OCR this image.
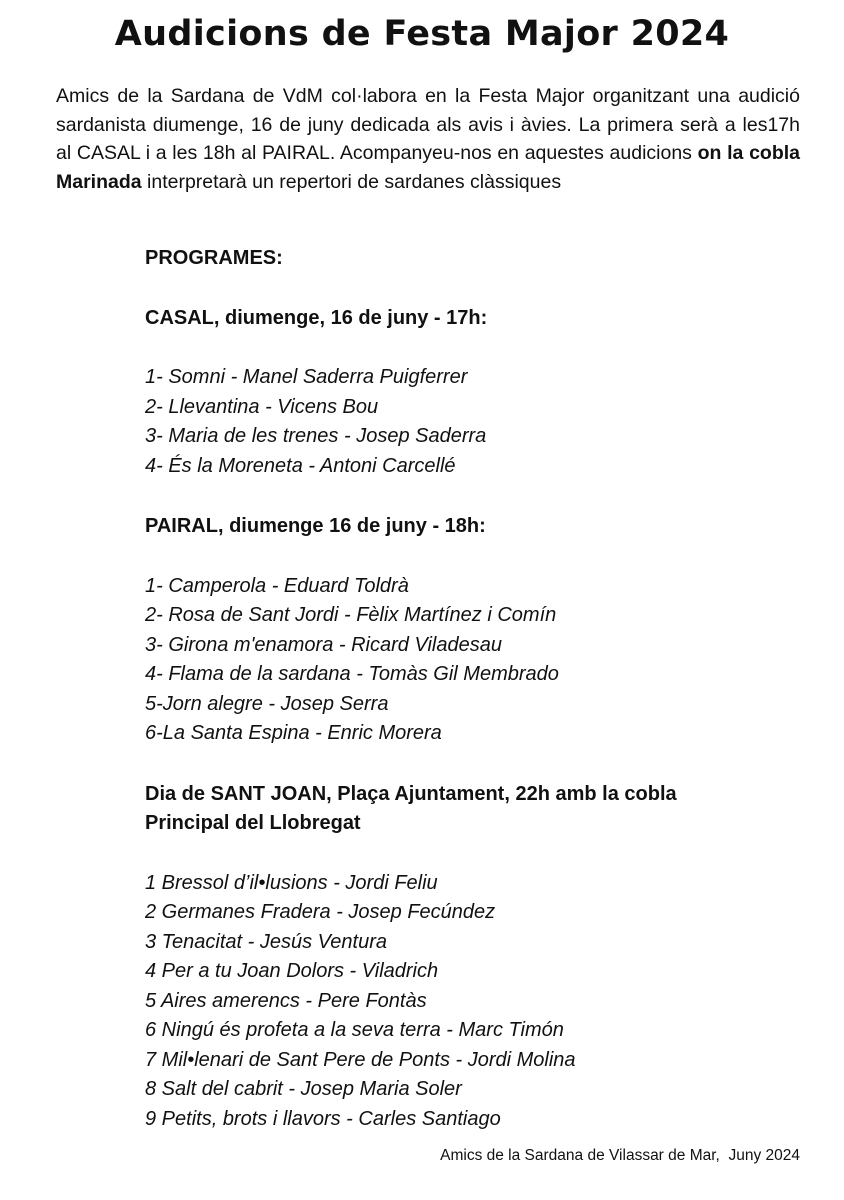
Audicions de Festa Major 2024

Amics de la Sardana de VdM col·labora en la Festa Major organitzant una audició sardanista diumenge, 16 de juny dedicada als avis i àvies. La primera serà a les17h al CASAL i a les 18h al PAIRAL. Acompanyeu-nos en aquestes audicions on la cobla Marinada interpretarà un repertori de sardanes clàssiques

PROGRAMES:

CASAL, diumenge, 16 de juny - 17h:

1- Somni - Manel Saderra Puigferrer
2- Llevantina - Vicens Bou
3- Maria de les trenes - Josep Saderra
4- És la Moreneta - Antoni Carcellé

PAIRAL, diumenge 16 de juny - 18h:

1- Camperola - Eduard Toldrà
2- Rosa de Sant Jordi - Fèlix Martínez i Comín
3- Girona m'enamora - Ricard Viladesau
4- Flama de la sardana - Tomàs Gil Membrado
5-Jorn alegre - Josep Serra
6-La Santa Espina - Enric Morera

Dia de SANT JOAN, Plaça Ajuntament, 22h amb la cobla

Principal del Llobregat

1 Bressol d’il•lusions - Jordi Feliu
2 Germanes Fradera - Josep Fecúndez
3 Tenacitat - Jesús Ventura
4 Per a tu Joan Dolors - Viladrich
5 Aires amerencs - Pere Fontàs
6 Ningú és profeta a la seva terra - Marc Timón
7 Mil•lenari de Sant Pere de Ponts - Jordi Molina
8 Salt del cabrit - Josep Maria Soler
9 Petits, brots i llavors - Carles Santiago

Amics de la Sardana de Vilassar de Mar,  Juny 2024
